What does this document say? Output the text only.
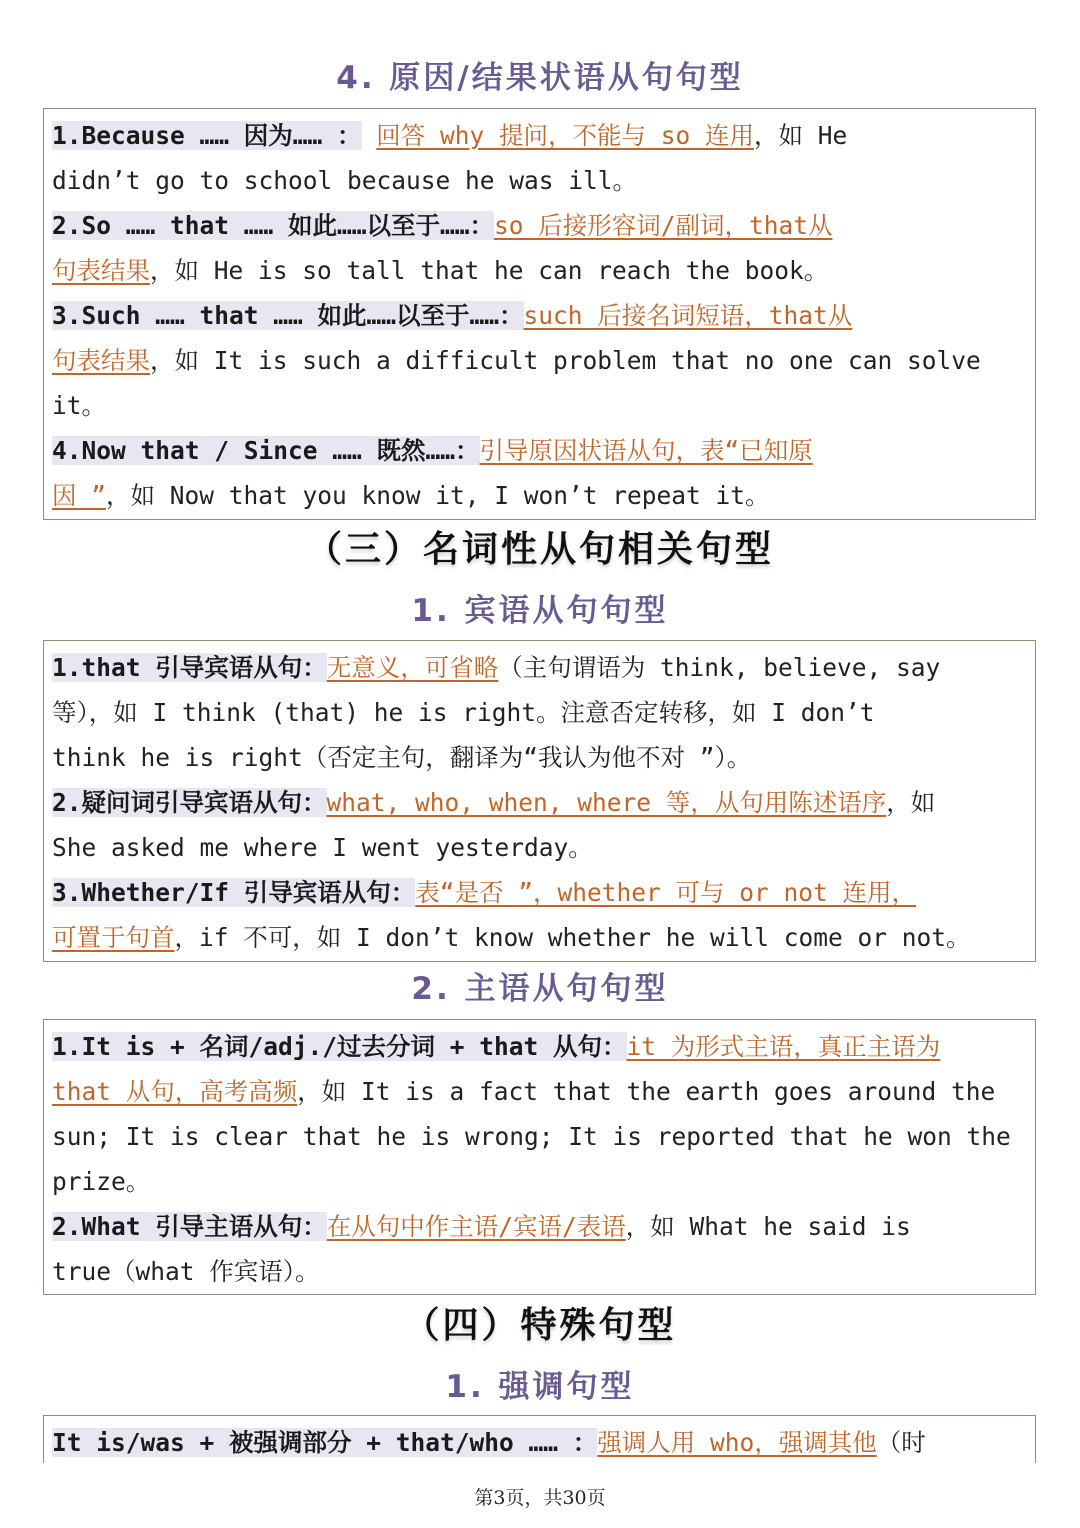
4. 原因/结果状语从句句型
1.Because …… 因为…… ： 回答 why 提问，不能与 so 连用，如 He
didn’t go to school because he was ill。
2.So …… that …… 如此……以至于……：so 后接形容词/副词，that从
句表结果，如 He is so tall that he can reach the book。
3.Such …… that …… 如此……以至于……：such 后接名词短语，that从
句表结果，如 It is such a difficult problem that no one can solve
it。
4.Now that / Since …… 既然……：引导原因状语从句，表“已知原
因 ”，如 Now that you know it, I won’t repeat it。
（三）名词性从句相关句型
1. 宾语从句句型
1.that 引导宾语从句：无意义，可省略（主句谓语为 think, believe, say
等），如 I think (that) he is right。注意否定转移，如 I don’t
think he is right（否定主句，翻译为“我认为他不对 ”）。
2.疑问词引导宾语从句：what, who, when, where 等，从句用陈述语序，如
She asked me where I went yesterday。
3.Whether/If 引导宾语从句：表“是否 ”，whether 可与 or not 连用，
可置于句首，if 不可，如 I don’t know whether he will come or not。
2. 主语从句句型
1.It is + 名词/adj./过去分词 + that 从句：it 为形式主语，真正主语为
that 从句，高考高频，如 It is a fact that the earth goes around the
sun; It is clear that he is wrong; It is reported that he won the
prize。
2.What 引导主语从句：在从句中作主语/宾语/表语，如 What he said is
true（what 作宾语）。
（四）特殊句型
1. 强调句型
It is/was + 被强调部分 + that/who …… ：强调人用 who，强调其他（时
第3页，共30页
